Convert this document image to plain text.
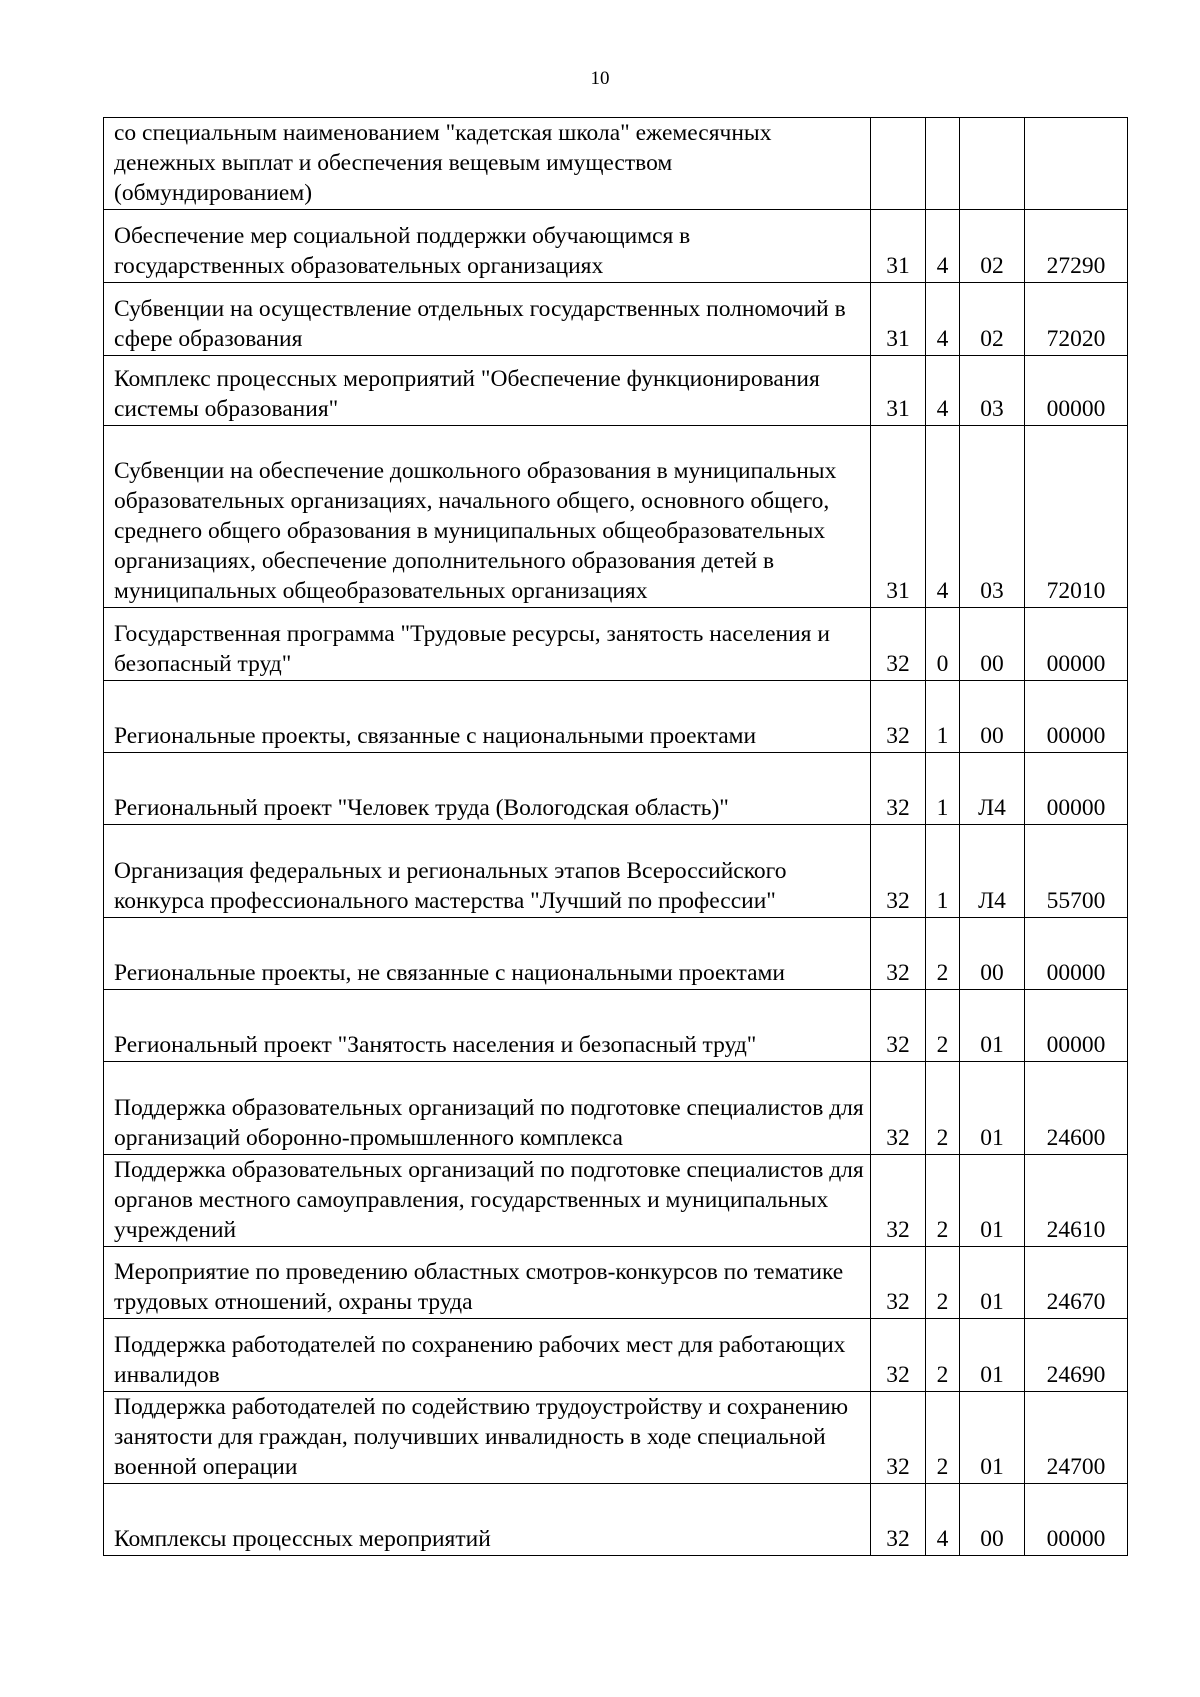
10
со специальным наименованием "кадетская школа" ежемесячных денежных выплат и обеспечения вещевым имуществом (обмундированием)				
Обеспечение мер социальной поддержки обучающимся в государственных образовательных организациях	31	4	02	27290
Субвенции на осуществление отдельных государственных полномочий в сфере образования	31	4	02	72020
Комплекс процессных мероприятий "Обеспечение функционирования системы образования"	31	4	03	00000
Субвенции на обеспечение дошкольного образования в муниципальных образовательных организациях, начального общего, основного общего, среднего общего образования в муниципальных общеобразовательных организациях, обеспечение дополнительного образования детей в муниципальных общеобразовательных организациях	31	4	03	72010
Государственная программа "Трудовые ресурсы, занятость населения и безопасный труд"	32	0	00	00000
Региональные проекты, связанные с национальными проектами	32	1	00	00000
Региональный проект "Человек труда (Вологодская область)"	32	1	Л4	00000
Организация федеральных и региональных этапов Всероссийского конкурса профессионального мастерства "Лучший по профессии"	32	1	Л4	55700
Региональные проекты, не связанные с национальными проектами	32	2	00	00000
Региональный проект "Занятость населения и безопасный труд"	32	2	01	00000
Поддержка образовательных организаций по подготовке специалистов для организаций оборонно-промышленного комплекса	32	2	01	24600
Поддержка образовательных организаций по подготовке специалистов для органов местного самоуправления, государственных и муниципальных учреждений	32	2	01	24610
Мероприятие по проведению областных смотров-конкурсов по тематике трудовых отношений, охраны труда	32	2	01	24670
Поддержка работодателей по сохранению рабочих мест для работающих инвалидов	32	2	01	24690
Поддержка работодателей по содействию трудоустройству и сохранению занятости для граждан, получивших инвалидность в ходе специальной военной операции	32	2	01	24700
Комплексы процессных мероприятий	32	4	00	00000
